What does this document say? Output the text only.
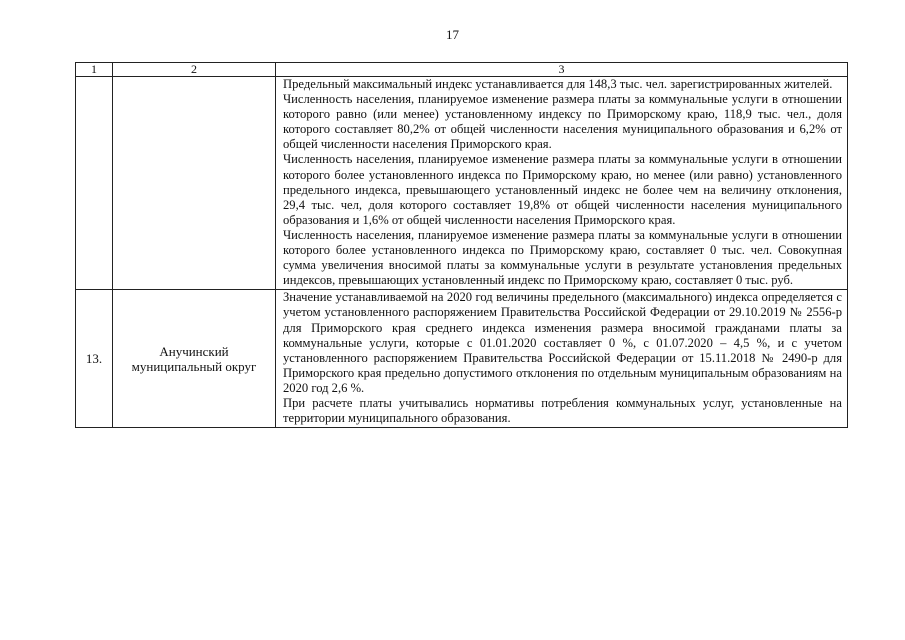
17
1	2	3

		Предельный максимальный индекс устанавливается для 148,3 тыс. чел. зарегистрированных жителей.

Численность населения, планируемое изменение размера платы за коммунальные услуги в отношении которого равно (или менее) установленному индексу по Приморскому краю, 118,9 тыс. чел., доля которого составляет 80,2% от общей численности населения муниципального образования и 6,2% от общей численности населения Приморского края.

Численность населения, планируемое изменение размера платы за коммунальные услуги в отношении которого более установленного индекса по Приморскому краю, но менее (или равно) установленного предельного индекса, превышающего установленный индекс не более чем на величину отклонения, 29,4 тыс. чел, доля которого составляет 19,8% от общей численности населения муниципального образования и 1,6% от общей численности населения Приморского края.

Численность населения, планируемое изменение размера платы за коммунальные услуги в отношении которого более установленного индекса по Приморскому краю, составляет 0 тыс. чел. Совокупная сумма увеличения вносимой платы за коммунальные услуги в результате установления предельных индексов, превышающих установленный индекс по Приморскому краю, составляет 0 тыс. руб.

13.	Анучинский муниципальный округ	Значение устанавливаемой на 2020 год величины предельного (максимального) индекса определяется с учетом установленного распоряжением Правительства Российской Федерации от 29.10.2019 № 2556-р для Приморского края среднего индекса изменения размера вносимой гражданами платы за коммунальные услуги, которые с 01.01.2020 составляет 0 %, с 01.07.2020 – 4,5 %, и с учетом установленного распоряжением Правительства Российской Федерации от 15.11.2018 № 2490-р для Приморского края предельно допустимого отклонения по отдельным муниципальным образованиям на 2020 год 2,6 %.

При расчете платы учитывались нормативы потребления коммунальных услуг, установленные на территории муниципального образования.
